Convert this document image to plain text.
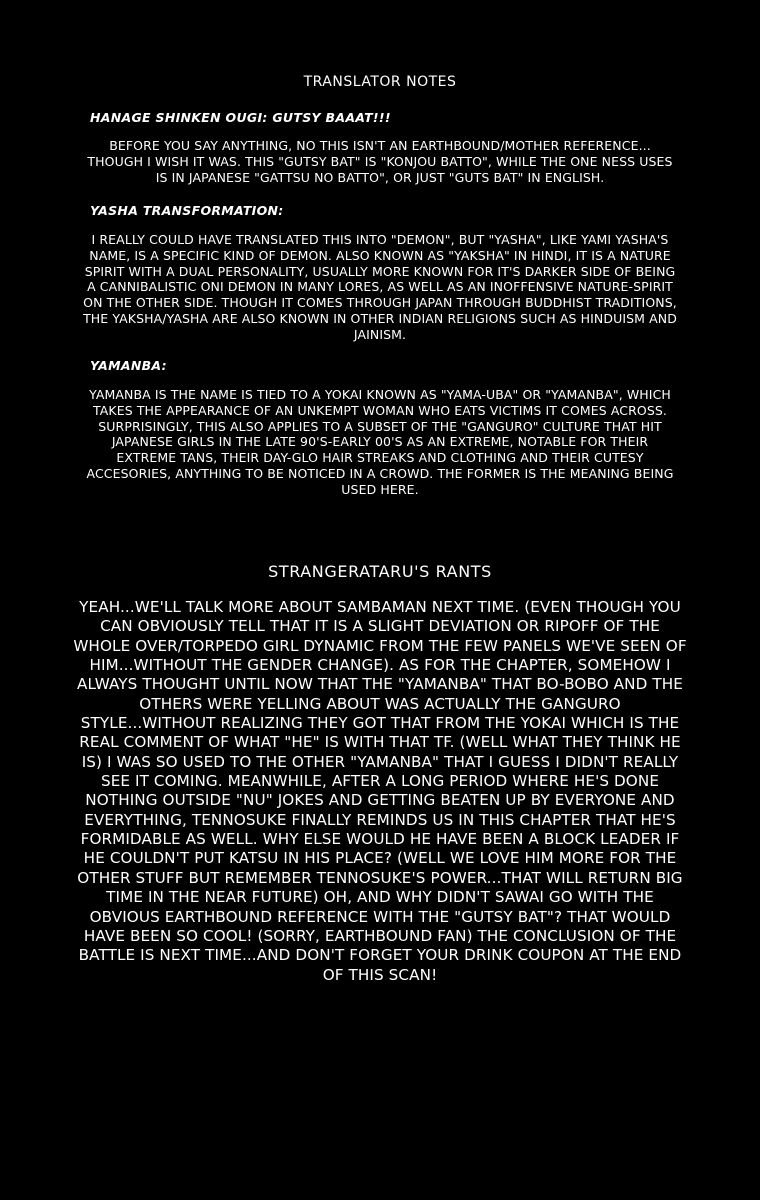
TRANSLATOR NOTES
HANAGE SHINKEN OUGI: GUTSY BAAAT!!!
BEFORE YOU SAY ANYTHING, NO THIS ISN'T AN EARTHBOUND/MOTHER REFERENCE... THOUGH I WISH IT WAS. THIS "GUTSY BAT" IS "KONJOU BATTO", WHILE THE ONE NESS USES IS IN JAPANESE "GATTSU NO BATTO", OR JUST "GUTS BAT" IN ENGLISH.
YASHA TRANSFORMATION:
I REALLY COULD HAVE TRANSLATED THIS INTO "DEMON", BUT "YASHA", LIKE YAMI YASHA'S NAME, IS A SPECIFIC KIND OF DEMON. ALSO KNOWN AS "YAKSHA" IN HINDI, IT IS A NATURE SPIRIT WITH A DUAL PERSONALITY, USUALLY MORE KNOWN FOR IT'S DARKER SIDE OF BEING A CANNIBALISTIC ONI DEMON IN MANY LORES, AS WELL AS AN INOFFENSIVE NATURE-SPIRIT ON THE OTHER SIDE. THOUGH IT COMES THROUGH JAPAN THROUGH BUDDHIST TRADITIONS, THE YAKSHA/YASHA ARE ALSO KNOWN IN OTHER INDIAN RELIGIONS SUCH AS HINDUISM AND JAINISM.
YAMANBA:
YAMANBA IS THE NAME IS TIED TO A YOKAI KNOWN AS "YAMA-UBA" OR "YAMANBA", WHICH TAKES THE APPEARANCE OF AN UNKEMPT WOMAN WHO EATS VICTIMS IT COMES ACROSS. SURPRISINGLY, THIS ALSO APPLIES TO A SUBSET OF THE "GANGURO" CULTURE THAT HIT JAPANESE GIRLS IN THE LATE 90'S-EARLY 00'S AS AN EXTREME, NOTABLE FOR THEIR EXTREME TANS, THEIR DAY-GLO HAIR STREAKS AND CLOTHING AND THEIR CUTESY ACCESORIES, ANYTHING TO BE NOTICED IN A CROWD. THE FORMER IS THE MEANING BEING USED HERE.
STRANGERATARU'S RANTS
YEAH...WE'LL TALK MORE ABOUT SAMBAMAN NEXT TIME. (EVEN THOUGH YOU CAN OBVIOUSLY TELL THAT IT IS A SLIGHT DEVIATION OR RIPOFF OF THE WHOLE OVER/TORPEDO GIRL DYNAMIC FROM THE FEW PANELS WE'VE SEEN OF HIM...WITHOUT THE GENDER CHANGE). AS FOR THE CHAPTER, SOMEHOW I ALWAYS THOUGHT UNTIL NOW THAT THE "YAMANBA" THAT BO-BOBO AND THE OTHERS WERE YELLING ABOUT WAS ACTUALLY THE GANGURO STYLE...WITHOUT REALIZING THEY GOT THAT FROM THE YOKAI WHICH IS THE REAL COMMENT OF WHAT "HE" IS WITH THAT TF. (WELL WHAT THEY THINK HE IS) I WAS SO USED TO THE OTHER "YAMANBA" THAT I GUESS I DIDN'T REALLY SEE IT COMING. MEANWHILE, AFTER A LONG PERIOD WHERE HE'S DONE NOTHING OUTSIDE "NU" JOKES AND GETTING BEATEN UP BY EVERYONE AND EVERYTHING, TENNOSUKE FINALLY REMINDS US IN THIS CHAPTER THAT HE'S FORMIDABLE AS WELL. WHY ELSE WOULD HE HAVE BEEN A BLOCK LEADER IF HE COULDN'T PUT KATSU IN HIS PLACE? (WELL WE LOVE HIM MORE FOR THE OTHER STUFF BUT REMEMBER TENNOSUKE'S POWER...THAT WILL RETURN BIG TIME IN THE NEAR FUTURE) OH, AND WHY DIDN'T SAWAI GO WITH THE OBVIOUS EARTHBOUND REFERENCE WITH THE "GUTSY BAT"? THAT WOULD HAVE BEEN SO COOL! (SORRY, EARTHBOUND FAN) THE CONCLUSION OF THE BATTLE IS NEXT TIME...AND DON'T FORGET YOUR DRINK COUPON AT THE END OF THIS SCAN!
